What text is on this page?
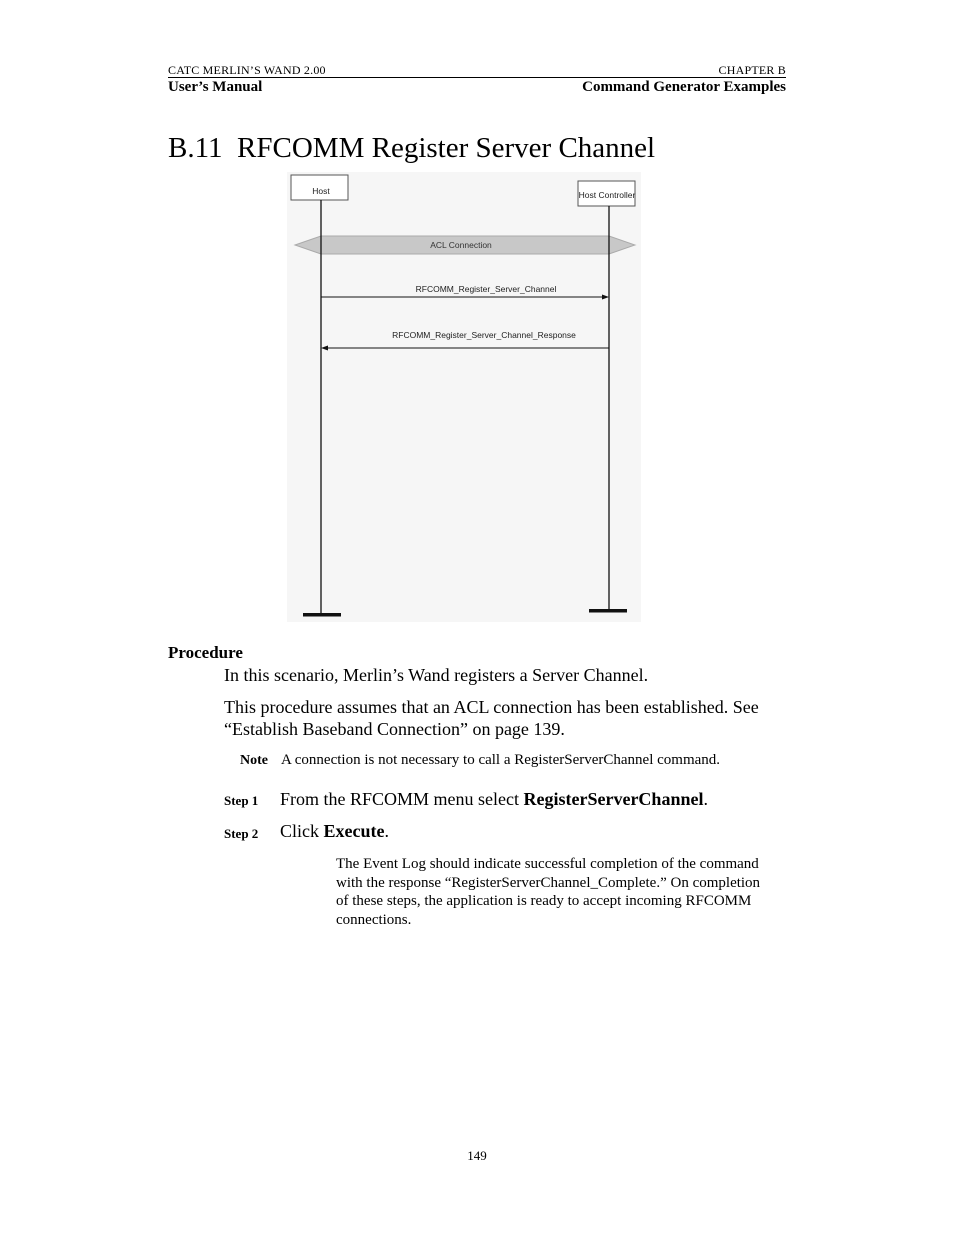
CATC MERLIN’S WAND 2.00	CHAPTER B
User’s Manual	Command Generator Examples
B.11 RFCOMM Register Server Channel
Host	Host Controller
ACL Connection
RFCOMM_Register_Server_Channel
RFCOMM_Register_Server_Channel_Response
Procedure
In this scenario, Merlin’s Wand registers a Server Channel.
This procedure assumes that an ACL connection has been established. See
“Establish Baseband Connection” on page 139.
Note A connection is not necessary to call a RegisterServerChannel command.
Step 1 From the RFCOMM menu select RegisterServerChannel.
Step 2 Click Execute.
The Event Log should indicate successful completion of the command
with the response “RegisterServerChannel_Complete.” On completion
of these steps, the application is ready to accept incoming RFCOMM
connections.
149
